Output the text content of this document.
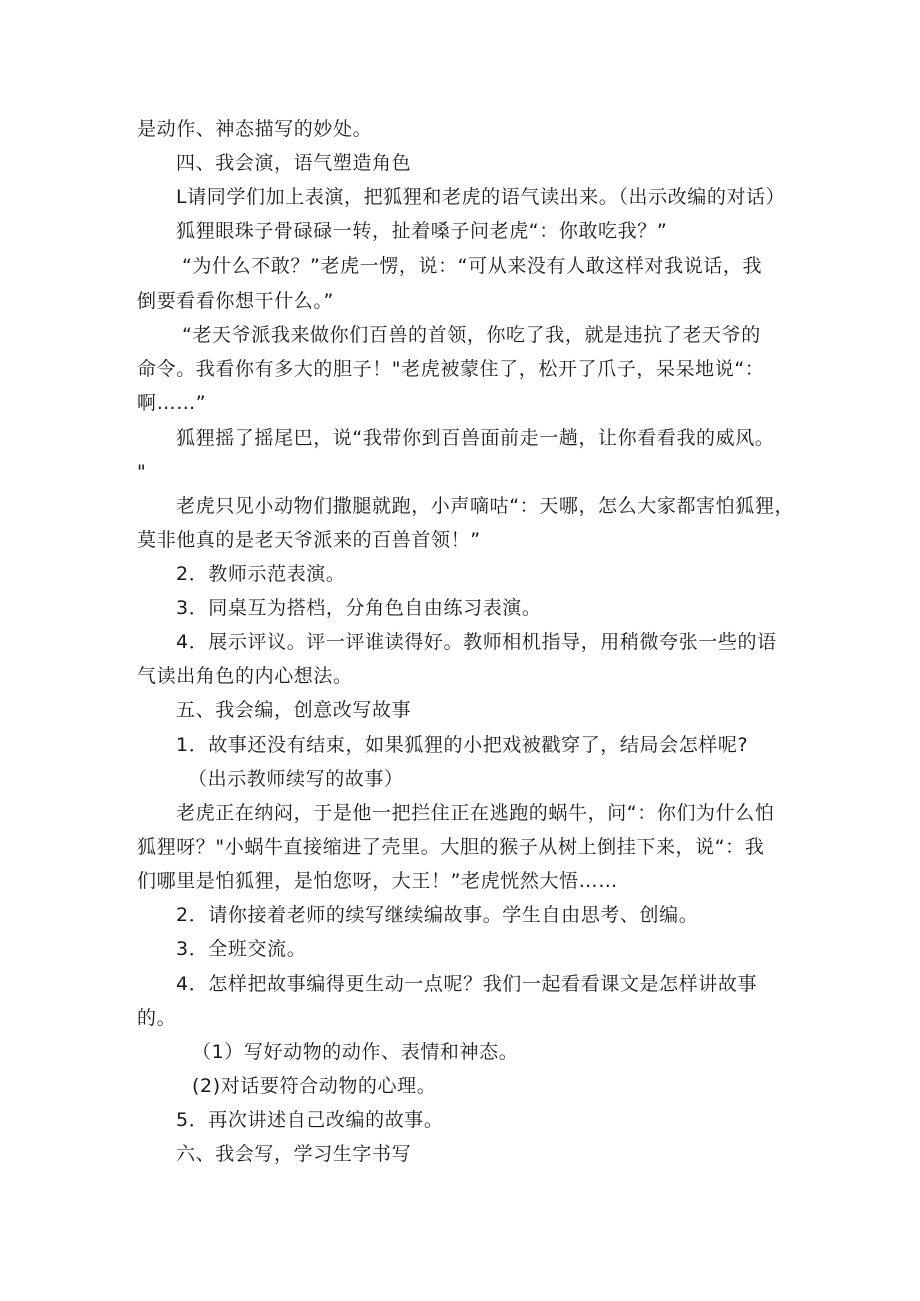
是动作、神态描写的妙处。
四、我会演，语气塑造角色
L请同学们加上表演，把狐狸和老虎的语气读出来。（出示改编的对话）
狐狸眼珠子骨碌碌一转，扯着嗓子问老虎“：你敢吃我？”
“为什么不敢？”老虎一愣，说：“可从来没有人敢这样对我说话，我
倒要看看你想干什么。”
“老天爷派我来做你们百兽的首领，你吃了我，就是违抗了老天爷的
命令。我看你有多大的胆子！"老虎被蒙住了，松开了爪子，呆呆地说“：
啊……”
狐狸摇了摇尾巴，说“我带你到百兽面前走一趟，让你看看我的威风。
"
老虎只见小动物们撒腿就跑，小声嘀咕“：天哪，怎么大家都害怕狐狸，
莫非他真的是老天爷派来的百兽首领！”
2．教师示范表演。
3．同桌互为搭档，分角色自由练习表演。
4．展示评议。评一评谁读得好。教师相机指导，用稍微夸张一些的语
气读出角色的内心想法。
五、我会编，创意改写故事
1．故事还没有结束，如果狐狸的小把戏被戳穿了，结局会怎样呢?
（出示教师续写的故事）
老虎正在纳闷，于是他一把拦住正在逃跑的蜗牛，问“：你们为什么怕
狐狸呀？"小蜗牛直接缩进了壳里。大胆的猴子从树上倒挂下来，说“：我
们哪里是怕狐狸，是怕您呀，大王！”老虎恍然大悟……
2．请你接着老师的续写继续编故事。学生自由思考、创编。
3．全班交流。
4．怎样把故事编得更生动一点呢？我们一起看看课文是怎样讲故事
的。
（1）写好动物的动作、表情和神态。
(2)对话要符合动物的心理。
5．再次讲述自己改编的故事。
六、我会写，学习生字书写
